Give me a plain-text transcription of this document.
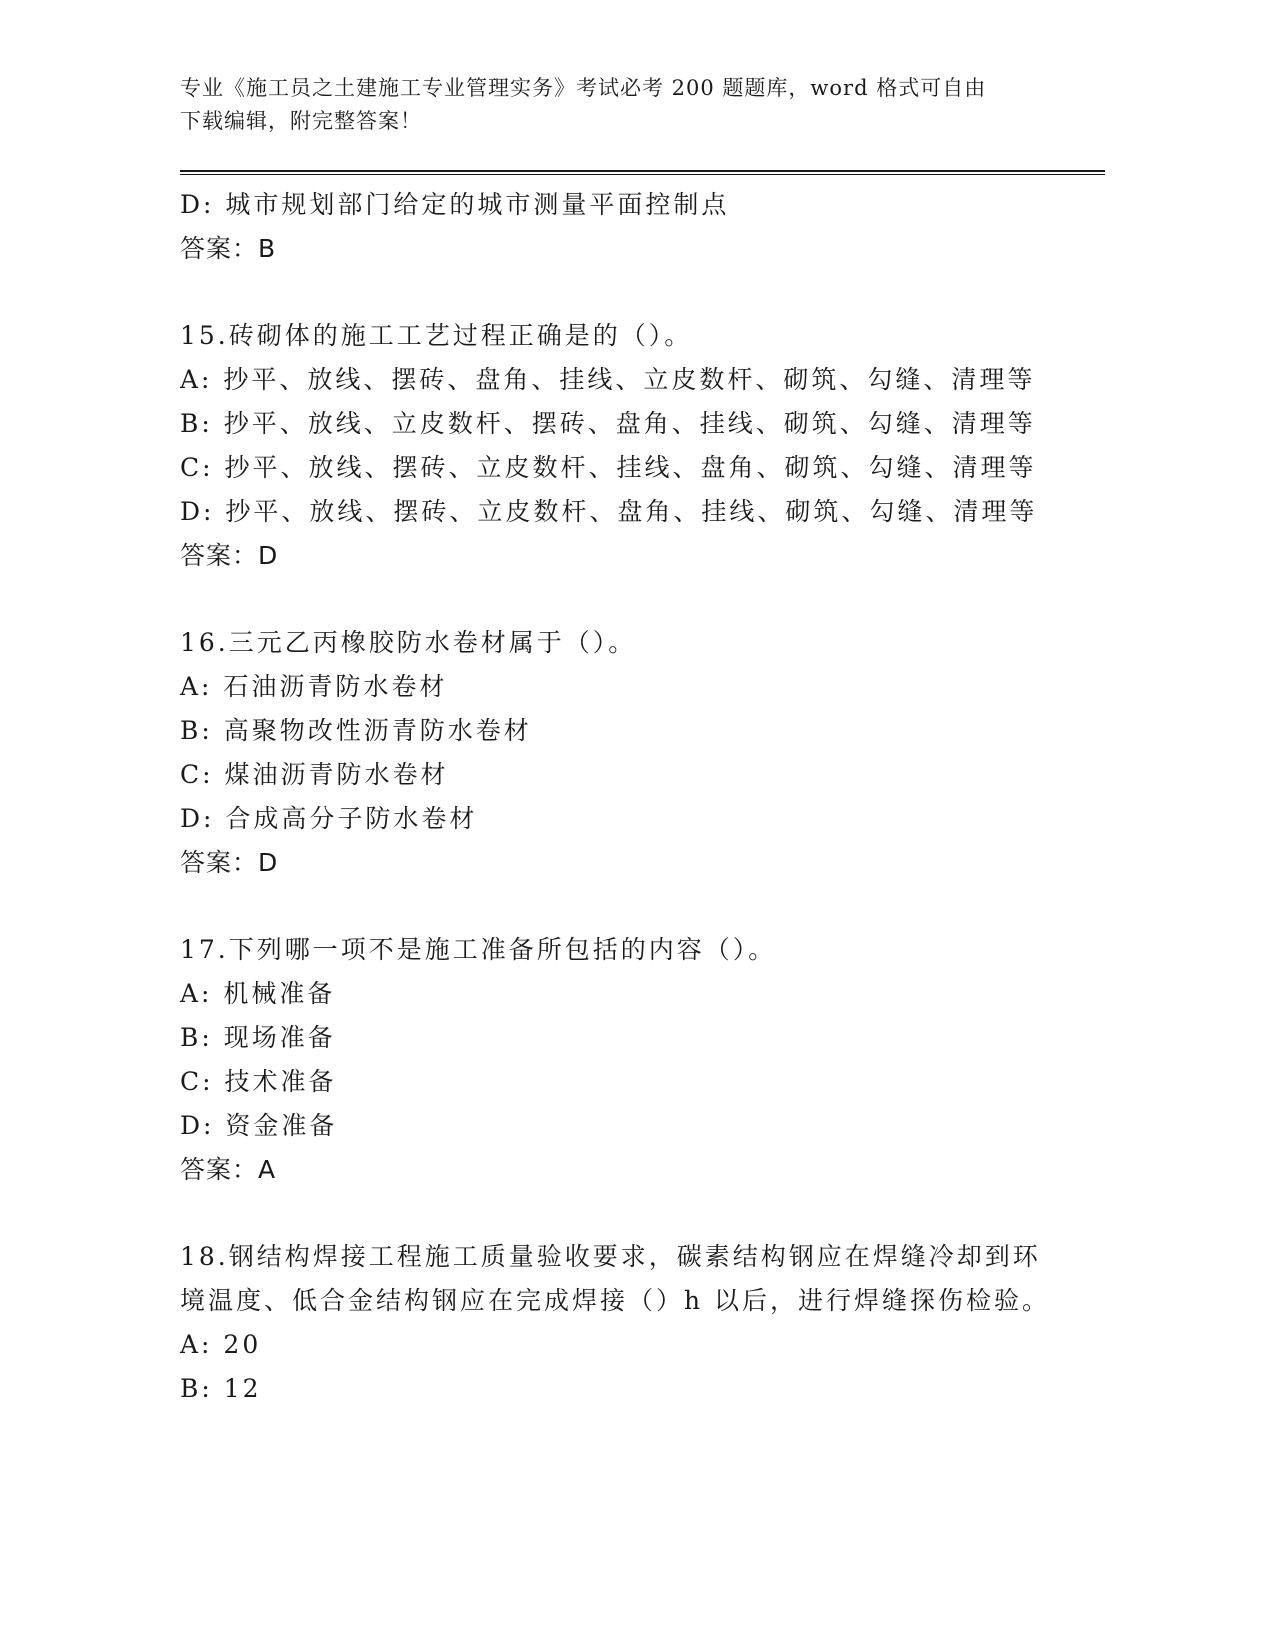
专业《施工员之土建施工专业管理实务》考试必考 200 题题库，word 格式可自由
下载编辑，附完整答案！
D: 城市规划部门给定的城市测量平面控制点
答案：B
15.砖砌体的施工工艺过程正确是的（）。
A: 抄平、放线、摆砖、盘角、挂线、立皮数杆、砌筑、勾缝、清理等
B: 抄平、放线、立皮数杆、摆砖、盘角、挂线、砌筑、勾缝、清理等
C: 抄平、放线、摆砖、立皮数杆、挂线、盘角、砌筑、勾缝、清理等
D: 抄平、放线、摆砖、立皮数杆、盘角、挂线、砌筑、勾缝、清理等
答案：D
16.三元乙丙橡胶防水卷材属于（）。
A: 石油沥青防水卷材
B: 高聚物改性沥青防水卷材
C: 煤油沥青防水卷材
D: 合成高分子防水卷材
答案：D
17.下列哪一项不是施工准备所包括的内容（）。
A: 机械准备
B: 现场准备
C: 技术准备
D: 资金准备
答案：A
18.钢结构焊接工程施工质量验收要求，碳素结构钢应在焊缝冷却到环
境温度、低合金结构钢应在完成焊接（）h 以后，进行焊缝探伤检验。
A: 20
B: 12
